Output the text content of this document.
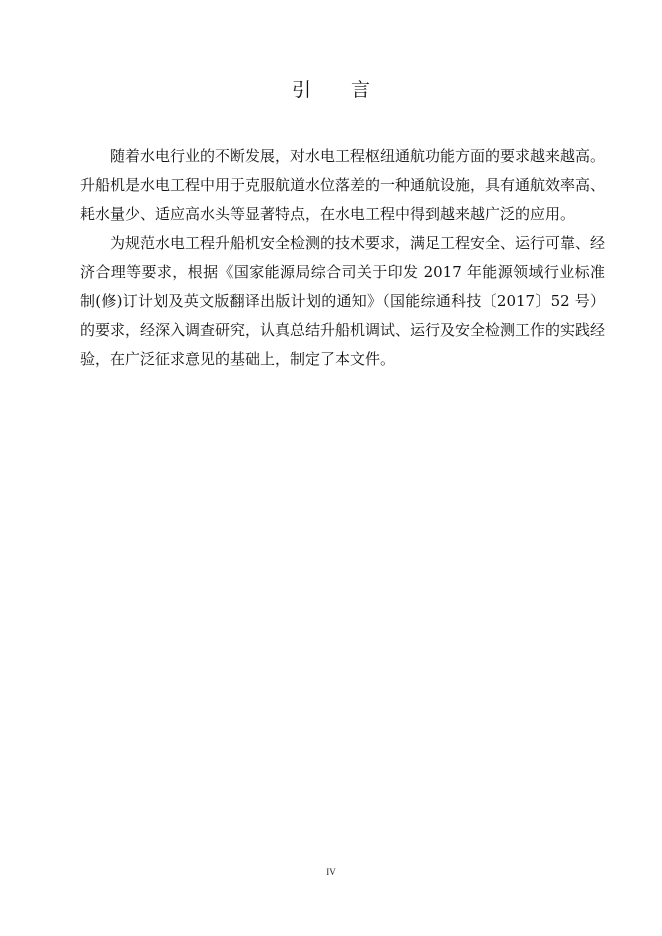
引 言

随着水电行业的不断发展，对水电工程枢纽通航功能方面的要求越来越高。升船机是水电工程中用于克服航道水位落差的一种通航设施，具有通航效率高、耗水量少、适应高水头等显著特点，在水电工程中得到越来越广泛的应用。

为规范水电工程升船机安全检测的技术要求，满足工程安全、运行可靠、经济合理等要求，根据《国家能源局综合司关于印发 2017 年能源领域行业标准制(修)订计划及英文版翻译出版计划的通知》（国能综通科技〔2017〕52 号）的要求，经深入调查研究，认真总结升船机调试、运行及安全检测工作的实践经验，在广泛征求意见的基础上，制定了本文件。

IV
